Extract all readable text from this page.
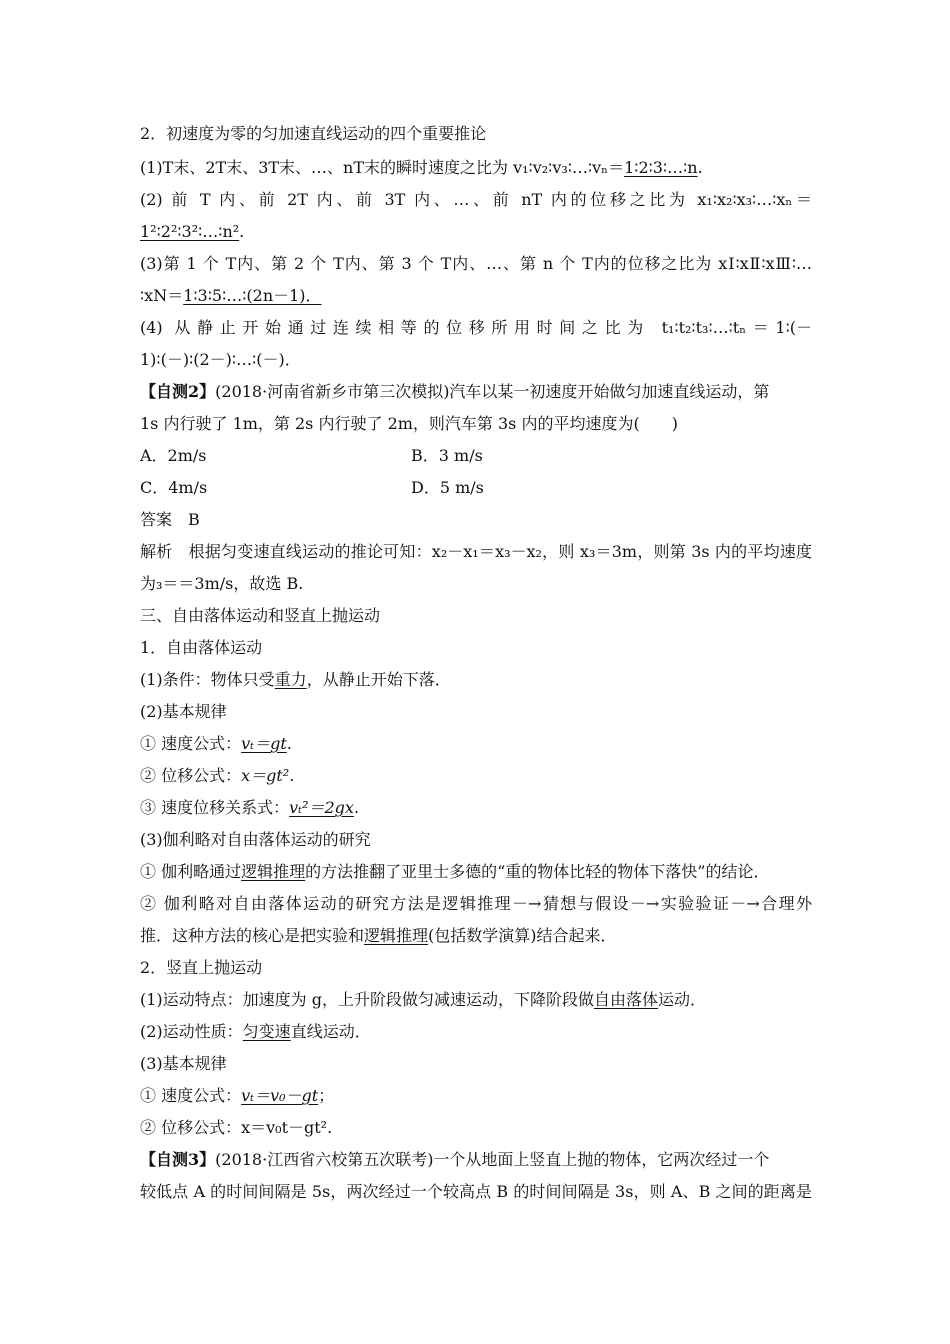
2．初速度为零的匀加速直线运动的四个重要推论
(1)T末、2T末、3T末、…、nT末的瞬时速度之比为 v₁∶v₂∶v₃∶…∶vₙ＝1∶2∶3∶…∶n.
(2) 前 T 内、前 2T 内、前 3T 内、…、前 nT 内的位移之比为 x₁∶x₂∶x₃∶…∶xₙ＝
1²∶2²∶3²∶…∶n².
(3)第 1 个 T内、第 2 个 T内、第 3 个 T内、…、第 n 个 T内的位移之比为 xⅠ∶xⅡ∶xⅢ∶…
∶xN＝1∶3∶5∶…∶(2n－1)．
(4) 从静止开始通过连续相等的位移所用时间之比为 t₁∶t₂∶t₃∶…∶tₙ＝1∶(－
1)∶(－)∶(2－)∶…∶(－)．
【自测2】(2018·河南省新乡市第三次模拟)汽车以某一初速度开始做匀加速直线运动，第
1s 内行驶了 1m，第 2s 内行驶了 2m，则汽车第 3s 内的平均速度为(　　)
A．2m/s	B．3 m/s
C．4m/s	D．5 m/s
答案　B
解析　根据匀变速直线运动的推论可知：x₂－x₁＝x₃－x₂，则 x₃＝3m，则第 3s 内的平均速度
为₃＝＝3m/s，故选 B.
三、自由落体运动和竖直上抛运动
1．自由落体运动
(1)条件：物体只受重力，从静止开始下落．
(2)基本规律
① 速度公式：vₜ＝gt.
② 位移公式：x＝gt².
③ 速度位移关系式：vₜ²＝2gx.
(3)伽利略对自由落体运动的研究
① 伽利略通过逻辑推理的方法推翻了亚里士多德的“重的物体比轻的物体下落快”的结论．
② 伽利略对自由落体运动的研究方法是逻辑推理－→猜想与假设－→实验验证－→合理外
推．这种方法的核心是把实验和逻辑推理(包括数学演算)结合起来．
2．竖直上抛运动
(1)运动特点：加速度为 g，上升阶段做匀减速运动，下降阶段做自由落体运动．
(2)运动性质：匀变速直线运动．
(3)基本规律
① 速度公式：vₜ＝v₀－gt；
② 位移公式：x＝v₀t－gt².
【自测3】(2018·江西省六校第五次联考)一个从地面上竖直上抛的物体，它两次经过一个
较低点 A 的时间间隔是 5s，两次经过一个较高点 B 的时间间隔是 3s，则 A、B 之间的距离是
